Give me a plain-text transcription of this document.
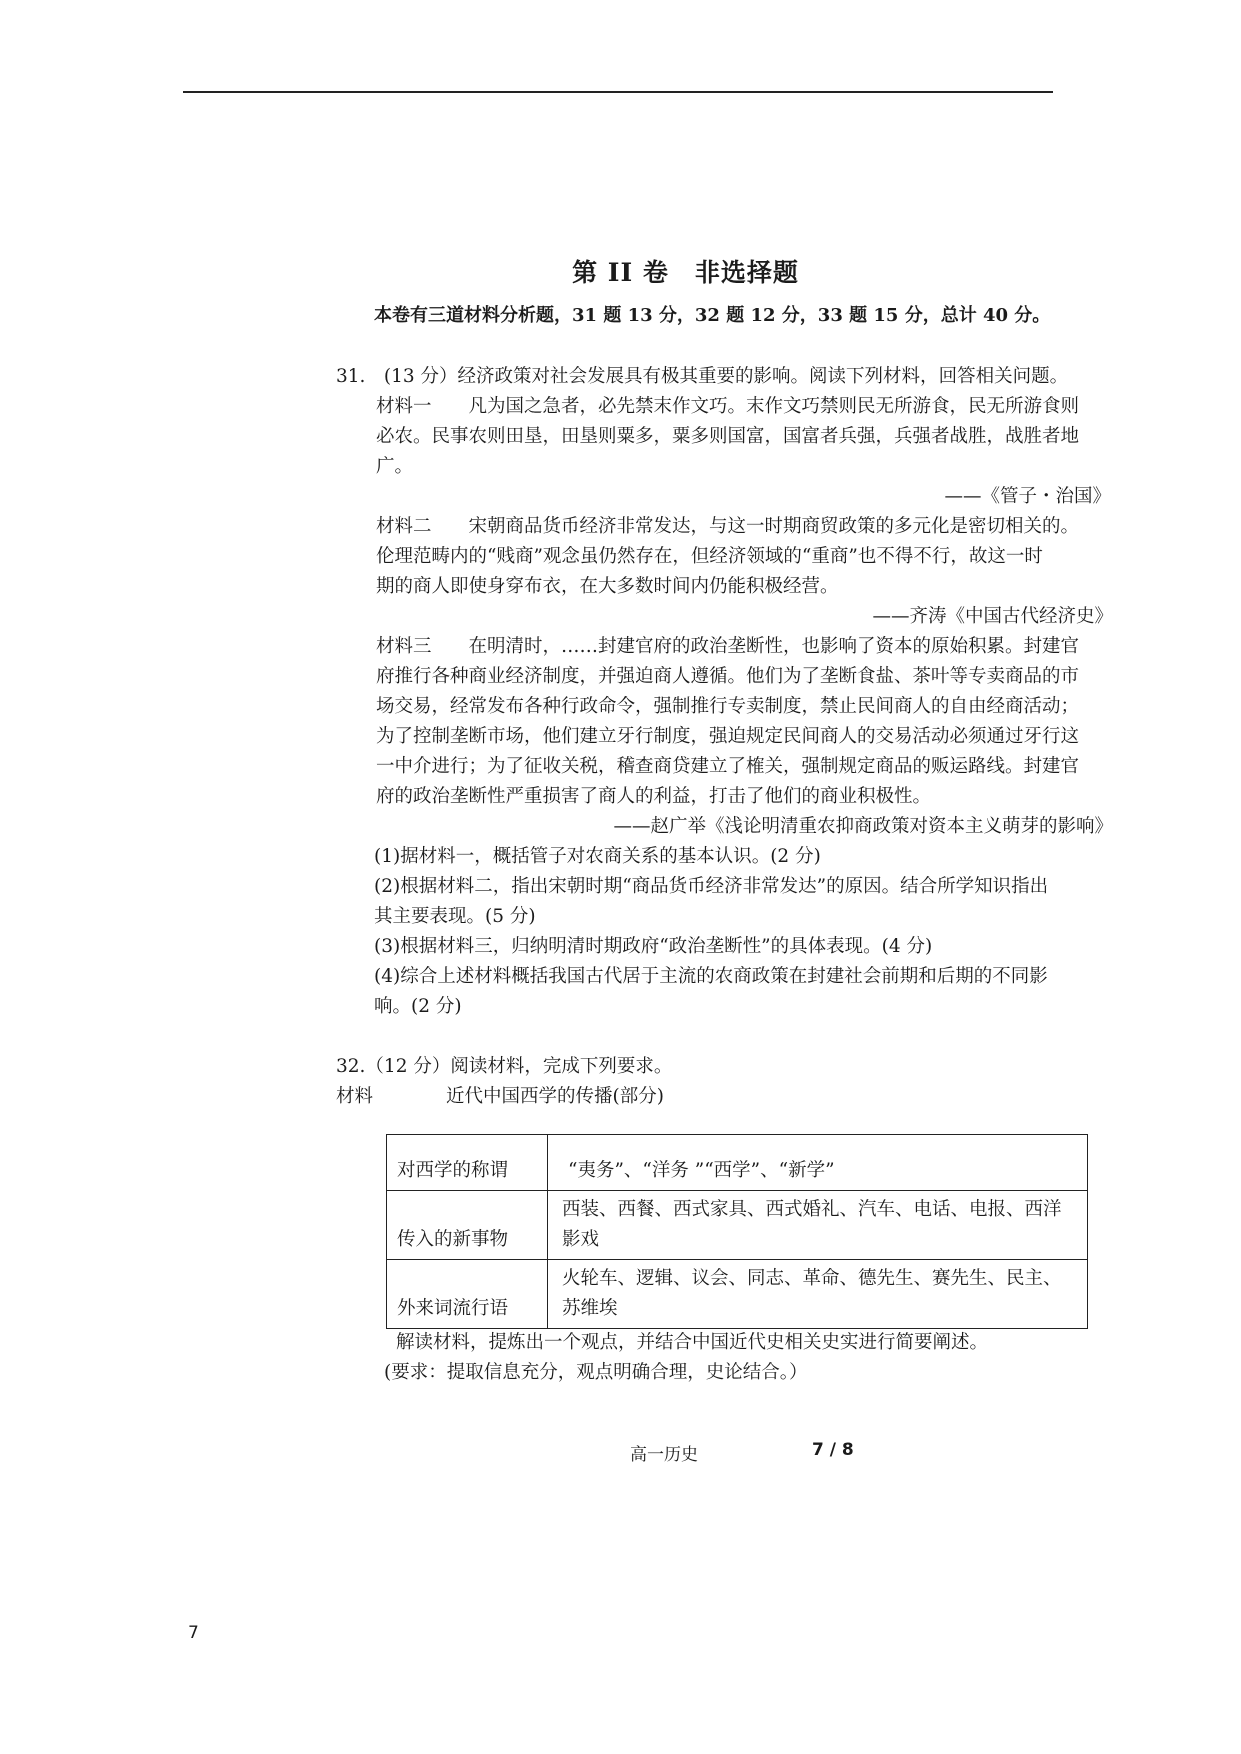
第 II 卷　非选择题
本卷有三道材料分析题，31 题 13 分，32 题 12 分，33 题 15 分，总计 40 分。
31.　(13 分）经济政策对社会发展具有极其重要的影响。阅读下列材料，回答相关问题。
材料一　　凡为国之急者，必先禁末作文巧。末作文巧禁则民无所游食，民无所游食则
必农。民事农则田垦，田垦则粟多，粟多则国富，国富者兵强，兵强者战胜，战胜者地
广。
——《管子・治国》
材料二　　宋朝商品货币经济非常发达，与这一时期商贸政策的多元化是密切相关的。
伦理范畴内的“贱商”观念虽仍然存在，但经济领域的“重商”也不得不行，故这一时
期的商人即使身穿布衣，在大多数时间内仍能积极经营。
——齐涛《中国古代经济史》
材料三　　在明清时，……封建官府的政治垄断性，也影响了资本的原始积累。封建官
府推行各种商业经济制度，并强迫商人遵循。他们为了垄断食盐、茶叶等专卖商品的市
场交易，经常发布各种行政命令，强制推行专卖制度，禁止民间商人的自由经商活动；
为了控制垄断市场，他们建立牙行制度，强迫规定民间商人的交易活动必须通过牙行这
一中介进行；为了征收关税，稽查商贷建立了榷关，强制规定商品的贩运路线。封建官
府的政治垄断性严重损害了商人的利益，打击了他们的商业积极性。
——赵广举《浅论明清重农抑商政策对资本主义萌芽的影响》
(1)据材料一，概括管子对农商关系的基本认识。(2 分)
(2)根据材料二，指出宋朝时期“商品货币经济非常发达”的原因。结合所学知识指出
其主要表现。(5 分)
(3)根据材料三，归纳明清时期政府“政治垄断性”的具体表现。(4 分)
(4)综合上述材料概括我国古代居于主流的农商政策在封建社会前期和后期的不同影
响。(2 分)
32.（12 分）阅读材料，完成下列要求。
材料	近代中国西学的传播(部分)
对西学的称谓	“夷务”、“洋务 ”“西学”、“新学”
传入的新事物	西装、西餐、西式家具、西式婚礼、汽车、电话、电报、西洋影戏
外来词流行语	火轮车、逻辑、议会、同志、革命、德先生、赛先生、民主、苏维埃
解读材料，提炼出一个观点，并结合中国近代史相关史实进行简要阐述。
(要求：提取信息充分，观点明确合理，史论结合。）
高一历史	7 / 8
7
